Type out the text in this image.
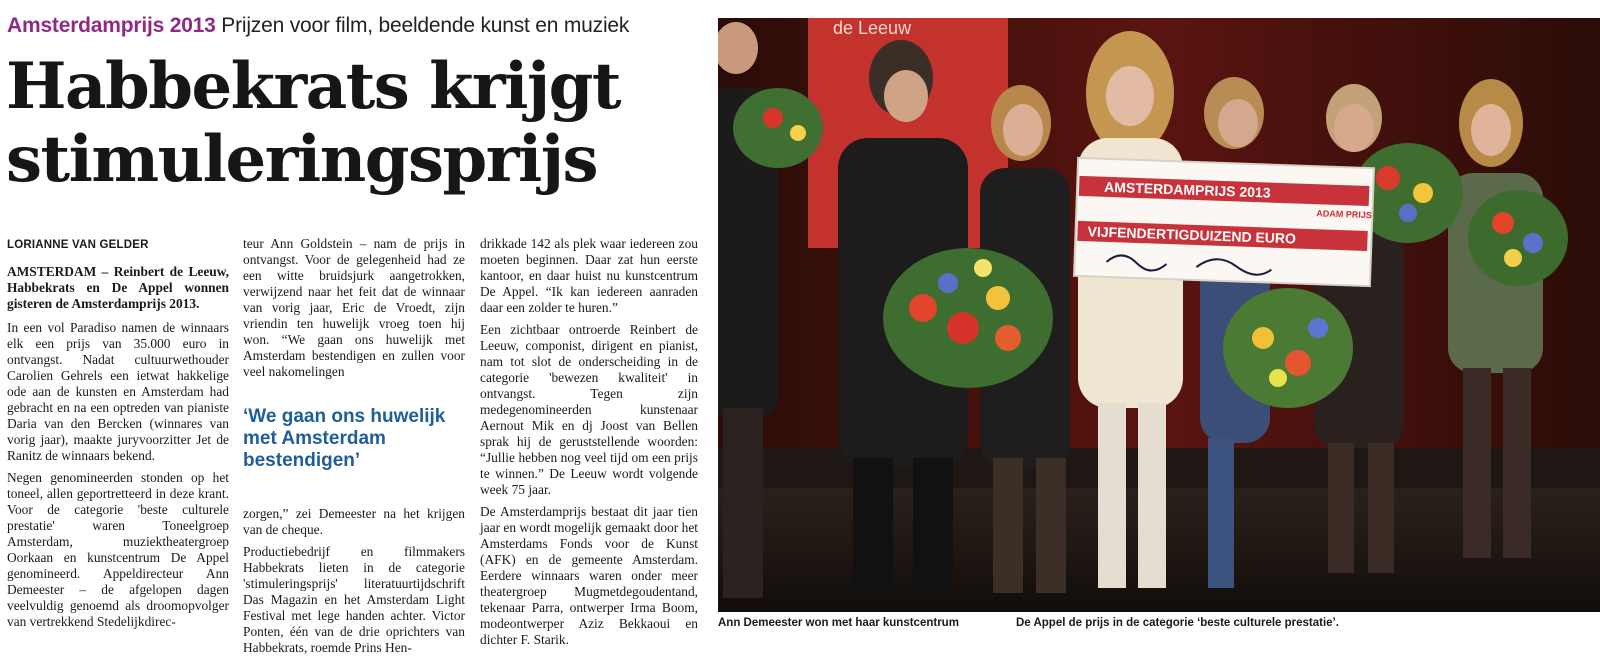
Amsterdamprijs 2013 Prijzen voor film, beeldende kunst en muziek
Habbekrats krijgt
stimuleringsprijs
LORIANNE VAN GELDER

AMSTERDAM – Reinbert de Leeuw, Habbekrats en De Appel wonnen gisteren de Amsterdamprijs 2013.

In een vol Paradiso namen de winnaars elk een prijs van 35.000 euro in ontvangst. Nadat cultuurwethouder Carolien Gehrels een ietwat hakkelige ode aan de kunsten en Amsterdam had gebracht en na een optreden van pianiste Daria van den Bercken (winnares van vorig jaar), maakte juryvoorzitter Jet de Ranitz de winnaars bekend.

Negen genomineerden stonden op het toneel, allen geportretteerd in deze krant. Voor de categorie 'beste culturele prestatie' waren Toneelgroep Amsterdam, muziektheatergroep Oorkaan en kunstcentrum De Appel genomineerd. Appeldirecteur Ann Demeester – de afgelopen dagen veelvuldig genoemd als droomopvolger van vertrekkend Stedelijkdirec-

teur Ann Goldstein – nam de prijs in ontvangst. Voor de gelegenheid had ze een witte bruidsjurk aangetrokken, verwijzend naar het feit dat de winnaar van vorig jaar, Eric de Vroedt, zijn vriendin ten huwelijk vroeg toen hij won. “We gaan ons huwelijk met Amsterdam bestendigen en zullen voor veel nakomelingen

‘We gaan ons huwelijk met Amsterdam bestendigen’

zorgen,” zei Demeester na het krijgen van de cheque.

Productiebedrijf en filmmakers Habbekrats lieten in de categorie 'stimuleringsprijs' literatuurtijdschrift Das Magazin en het Amsterdam Light Festival met lege handen achter. Victor Ponten, één van de drie oprichters van Habbekrats, roemde Prins Hen-

drikkade 142 als plek waar iedereen zou moeten beginnen. Daar zat hun eerste kantoor, en daar huist nu kunstcentrum De Appel. “Ik kan iedereen aanraden daar een zolder te huren.”

Een zichtbaar ontroerde Reinbert de Leeuw, componist, dirigent en pianist, nam tot slot de onderscheiding in de categorie 'bewezen kwaliteit' in ontvangst. Tegen zijn medegenomineerden kunstenaar Aernout Mik en dj Joost van Bellen sprak hij de geruststellende woorden: “Jullie hebben nog veel tijd om een prijs te winnen.” De Leeuw wordt volgende week 75 jaar.

De Amsterdamprijs bestaat dit jaar tien jaar en wordt mogelijk gemaakt door het Amsterdams Fonds voor de Kunst (AFK) en de gemeente Amsterdam. Eerdere winnaars waren onder meer theatergroep Mugmetdegoudentand, tekenaar Parra, ontwerper Irma Boom, modeontwerper Aziz Bekkaoui en dichter F. Starik.

de Leeuw
AMSTERDAMPRIJS 2013
VIJFENDERTIGDUIZEND EURO
ADAM PRIJS
Ann Demeester won met haar kunstcentrum	De Appel de prijs in de categorie ‘beste culturele prestatie’.
